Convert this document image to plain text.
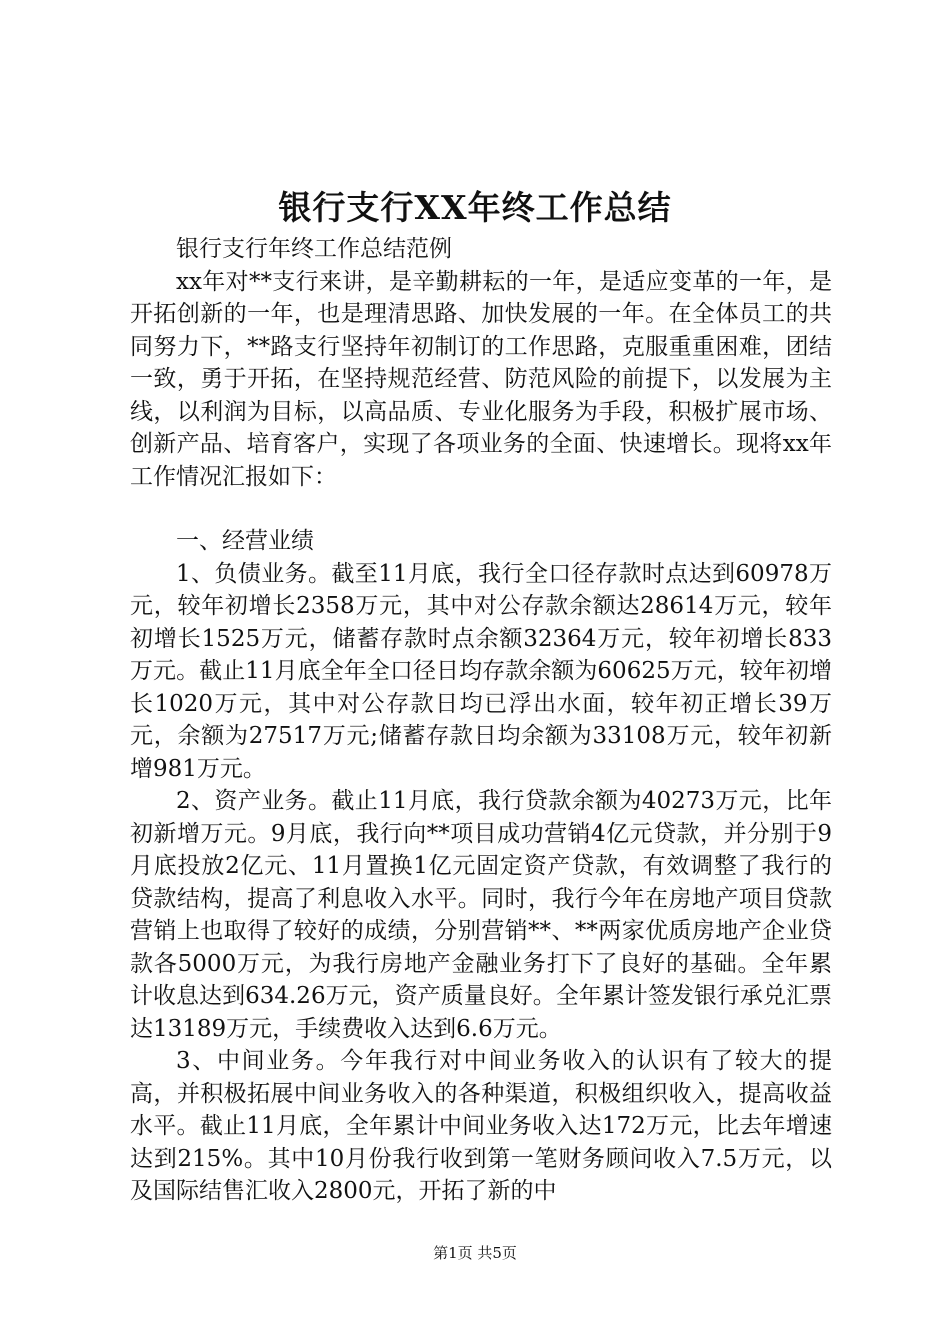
银行支行XX年终工作总结

银行支行年终工作总结范例

xx年对**支行来讲，是辛勤耕耘的一年，是适应变革的一年，是开拓创新的一年，也是理清思路、加快发展的一年。在全体员工的共同努力下，**路支行坚持年初制订的工作思路，克服重重困难，团结一致，勇于开拓，在坚持规范经营、防范风险的前提下，以发展为主线，以利润为目标，以高品质、专业化服务为手段，积极扩展市场、创新产品、培育客户，实现了各项业务的全面、快速增长。现将xx年工作情况汇报如下：

一、经营业绩

1、负债业务。截至11月底，我行全口径存款时点达到60978万元，较年初增长2358万元，其中对公存款余额达28614万元，较年初增长1525万元，储蓄存款时点余额32364万元，较年初增长833万元。截止11月底全年全口径日均存款余额为60625万元，较年初增长1020万元，其中对公存款日均已浮出水面，较年初正增长39万元，余额为27517万元;储蓄存款日均余额为33108万元，较年初新增981万元。

2、资产业务。截止11月底，我行贷款余额为40273万元，比年初新增万元。9月底，我行向**项目成功营销4亿元贷款，并分别于9月底投放2亿元、11月置换1亿元固定资产贷款，有效调整了我行的贷款结构，提高了利息收入水平。同时，我行今年在房地产项目贷款营销上也取得了较好的成绩，分别营销**、**两家优质房地产企业贷款各5000万元，为我行房地产金融业务打下了良好的基础。全年累计收息达到634.26万元，资产质量良好。全年累计签发银行承兑汇票达13189万元，手续费收入达到6.6万元。

3、中间业务。今年我行对中间业务收入的认识有了较大的提高，并积极拓展中间业务收入的各种渠道，积极组织收入，提高收益水平。截止11月底，全年累计中间业务收入达172万元，比去年增速达到215%。其中10月份我行收到第一笔财务顾问收入7.5万元，以及国际结售汇收入2800元，开拓了新的中

第1页 共5页
